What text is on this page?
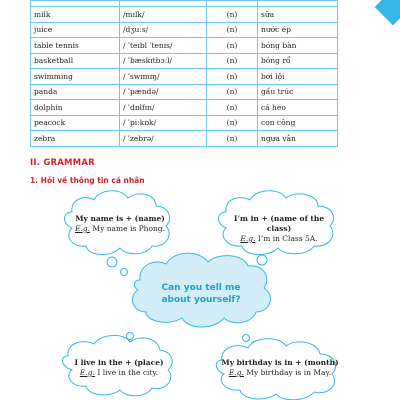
milk	/mɪlk/	(n)	sữa
juice	/dʒuːs/	(n)	nước ép
table tennis	/ ˈteɪbl ˈtenɪs/	(n)	bóng bàn
basketball	/ ˈbæskɪtbɔːl/	(n)	bóng rổ
swimming	/ ˈswɪmɪŋ/	(n)	bơi lội
panda	/ ˈpændə/	(n)	gấu trúc
dolphin	/ ˈdɒlfɪn/	(n)	cá heo
peacock	/ ˈpiːkɒk/	(n)	con công
zebra	/ ˈzebrə/	(n)	ngựa vằn
II. GRAMMAR
1. Hỏi về thông tin cá nhân
My name is + (name)
E.g. My name is Phong.
I’m in + (name of the class)
E.g. I’m in Class 5A.
Can you tell me
about yourself?
I live in the + (place)
E.g. I live in the city.
My birthday is in + (month)
E.g. My birthday is in May.
